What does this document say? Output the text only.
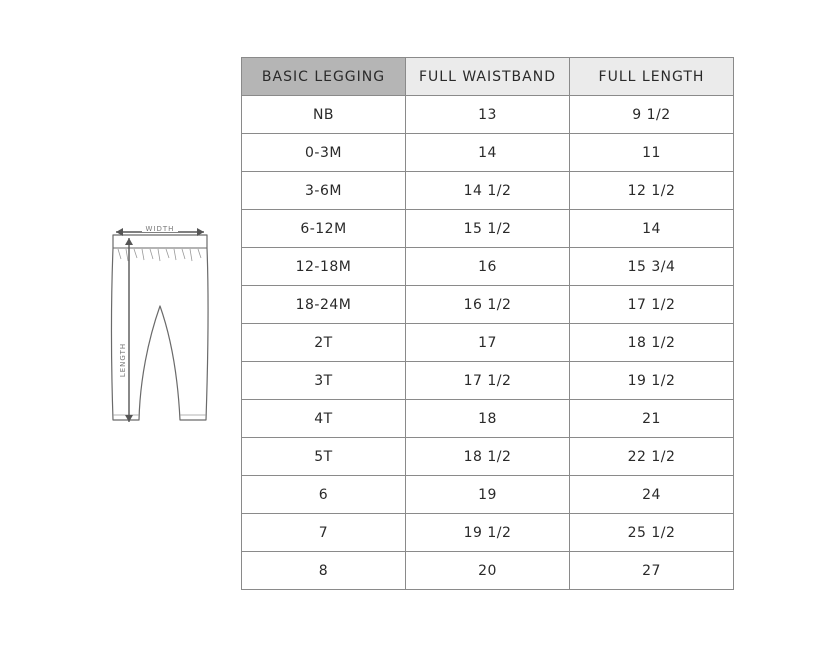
WIDTH
LENGTH
BASIC LEGGING	FULL WAISTBAND	FULL LENGTH
NB	13	9 1/2
0-3M	14	11
3-6M	14 1/2	12 1/2
6-12M	15 1/2	14
12-18M	16	15 3/4
18-24M	16 1/2	17 1/2
2T	17	18 1/2
3T	17 1/2	19 1/2
4T	18	21
5T	18 1/2	22 1/2
6	19	24
7	19 1/2	25 1/2
8	20	27
